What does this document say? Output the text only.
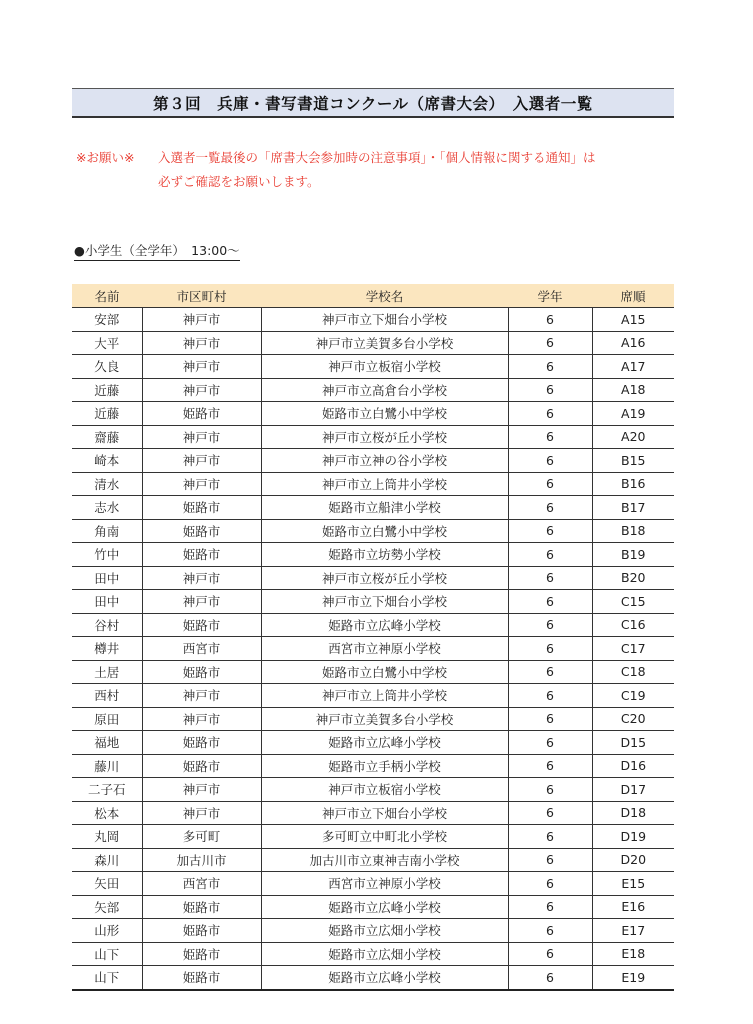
第３回　兵庫・書写書道コンクール（席書大会）　入選者一覧
※お願い※	入選者一覧最後の「席書大会参加時の注意事項」・「個人情報に関する通知」は
必ずご確認をお願いします。
●小学生（全学年）　13:00～
名前	市区町村	学校名	学年	席順
安部	神戸市	神戸市立下畑台小学校	6	A15
大平	神戸市	神戸市立美賀多台小学校	6	A16
久良	神戸市	神戸市立板宿小学校	6	A17
近藤	神戸市	神戸市立高倉台小学校	6	A18
近藤	姫路市	姫路市立白鷺小中学校	6	A19
齋藤	神戸市	神戸市立桜が丘小学校	6	A20
崎本	神戸市	神戸市立神の谷小学校	6	B15
清水	神戸市	神戸市立上筒井小学校	6	B16
志水	姫路市	姫路市立船津小学校	6	B17
角南	姫路市	姫路市立白鷺小中学校	6	B18
竹中	姫路市	姫路市立坊勢小学校	6	B19
田中	神戸市	神戸市立桜が丘小学校	6	B20
田中	神戸市	神戸市立下畑台小学校	6	C15
谷村	姫路市	姫路市立広峰小学校	6	C16
樽井	西宮市	西宮市立神原小学校	6	C17
土居	姫路市	姫路市立白鷺小中学校	6	C18
西村	神戸市	神戸市立上筒井小学校	6	C19
原田	神戸市	神戸市立美賀多台小学校	6	C20
福地	姫路市	姫路市立広峰小学校	6	D15
藤川	姫路市	姫路市立手柄小学校	6	D16
二子石	神戸市	神戸市立板宿小学校	6	D17
松本	神戸市	神戸市立下畑台小学校	6	D18
丸岡	多可町	多可町立中町北小学校	6	D19
森川	加古川市	加古川市立東神吉南小学校	6	D20
矢田	西宮市	西宮市立神原小学校	6	E15
矢部	姫路市	姫路市立広峰小学校	6	E16
山形	姫路市	姫路市立広畑小学校	6	E17
山下	姫路市	姫路市立広畑小学校	6	E18
山下	姫路市	姫路市立広峰小学校	6	E19
